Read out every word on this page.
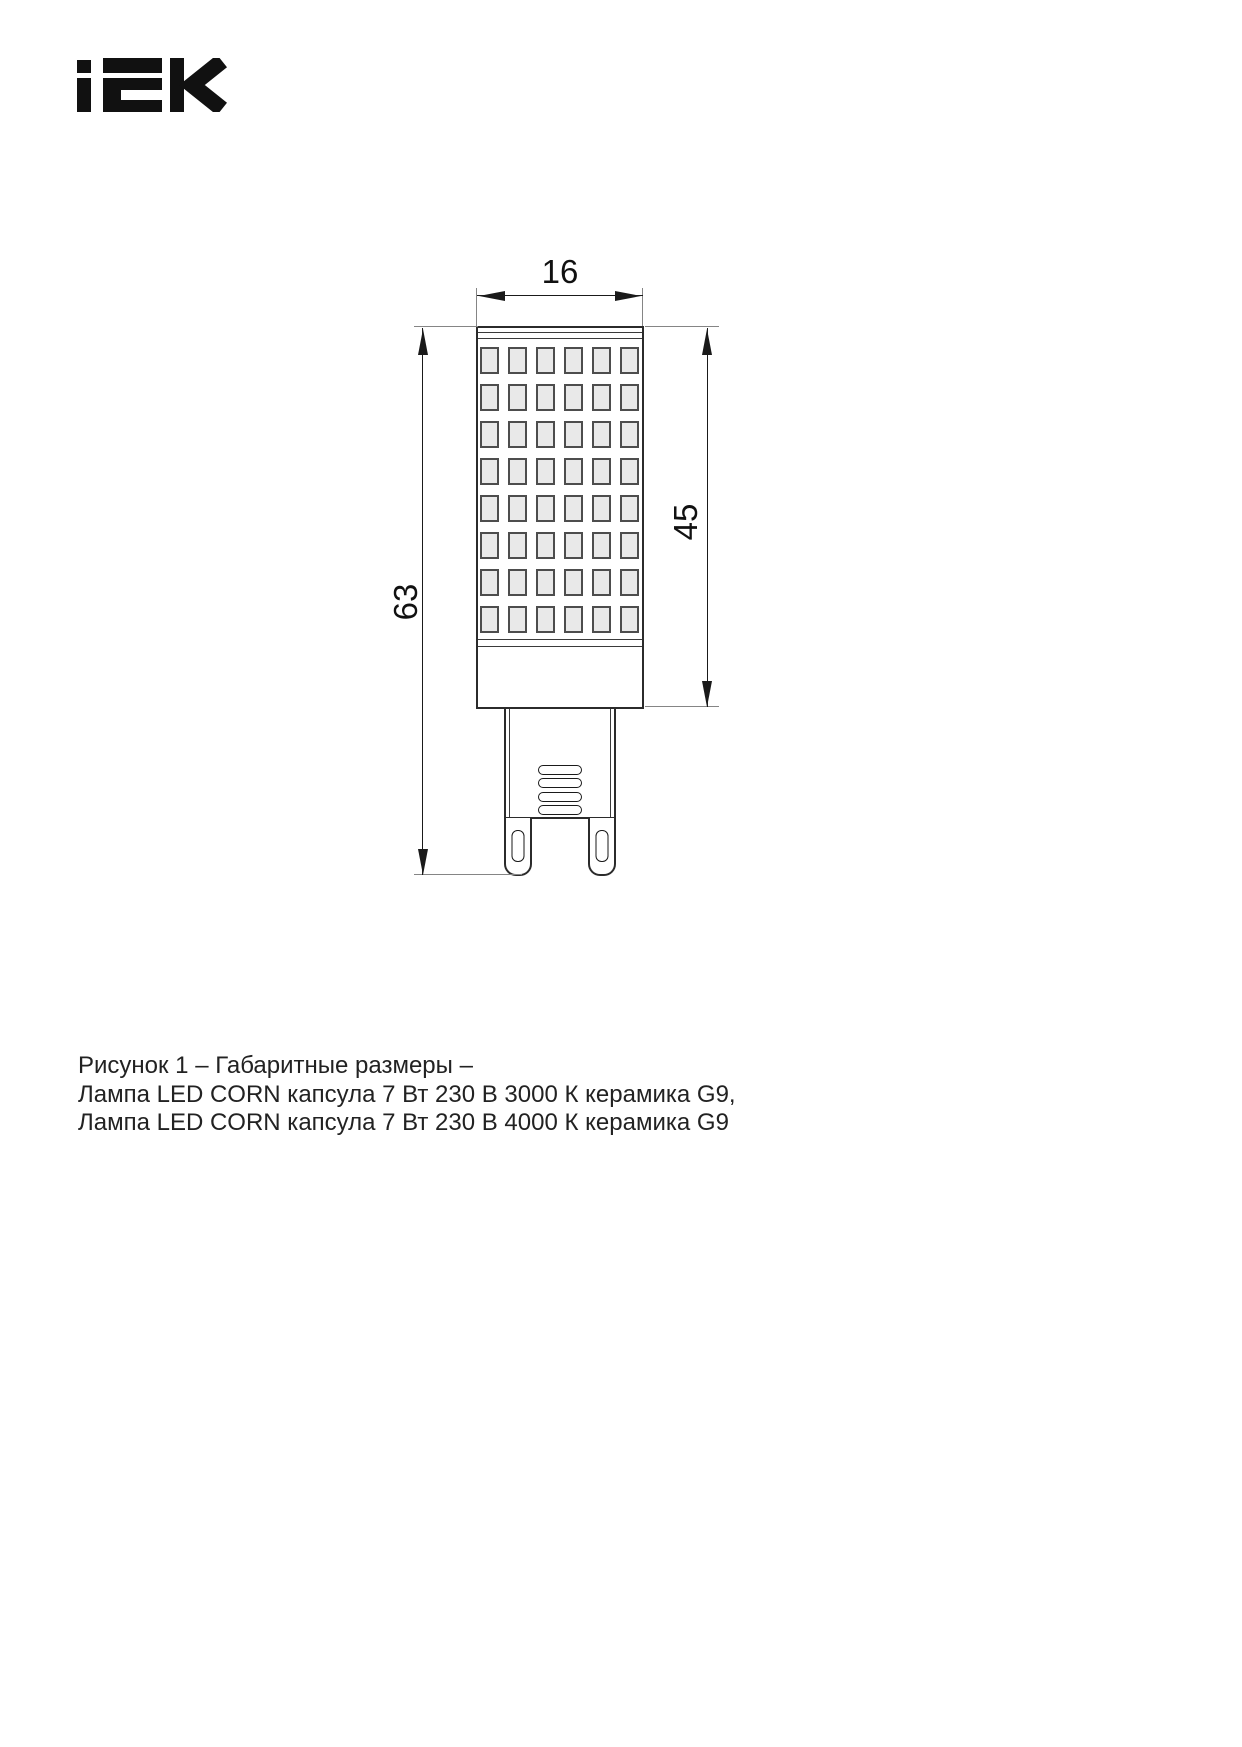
16
63
45
Рисунок 1 – Габаритные размеры –
Лампа LED CORN капсула 7 Вт 230 В 3000 К керамика G9,
Лампа LED CORN капсула 7 Вт 230 В 4000 К керамика G9
